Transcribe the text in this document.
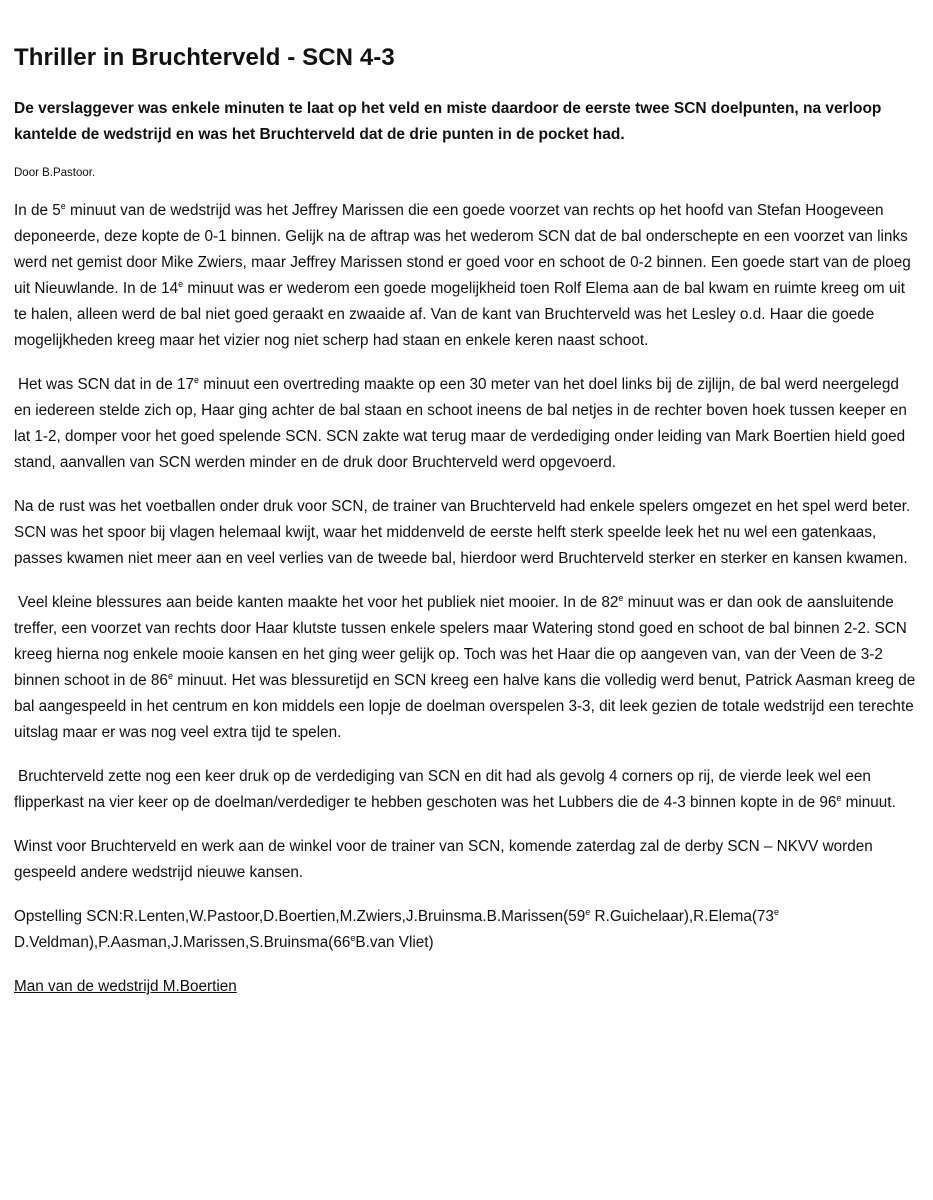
Thriller in Bruchterveld - SCN 4-3

De verslaggever was enkele minuten te laat op het veld en miste daardoor de eerste twee SCN doelpunten, na verloop kantelde de wedstrijd en was het Bruchterveld dat de drie punten in de pocket had.

Door B.Pastoor.

In de 5e minuut van de wedstrijd was het Jeffrey Marissen die een goede voorzet van rechts op het hoofd van Stefan Hoogeveen deponeerde, deze kopte de 0-1 binnen. Gelijk na de aftrap was het wederom SCN dat de bal onderschepte en een voorzet van links werd net gemist door Mike Zwiers, maar Jeffrey Marissen stond er goed voor en schoot de 0-2 binnen. Een goede start van de ploeg uit Nieuwlande. In de 14e minuut was er wederom een goede mogelijkheid toen Rolf Elema aan de bal kwam en ruimte kreeg om uit te halen, alleen werd de bal niet goed geraakt en zwaaide af. Van de kant van Bruchterveld was het Lesley o.d. Haar die goede mogelijkheden kreeg maar het vizier nog niet scherp had staan en enkele keren naast schoot.

Het was SCN dat in de 17e minuut een overtreding maakte op een 30 meter van het doel links bij de zijlijn, de bal werd neergelegd en iedereen stelde zich op, Haar ging achter de bal staan en schoot ineens de bal netjes in de rechter boven hoek tussen keeper en lat 1-2, domper voor het goed spelende SCN. SCN zakte wat terug maar de verdediging onder leiding van Mark Boertien hield goed stand, aanvallen van SCN werden minder en de druk door Bruchterveld werd opgevoerd.

Na de rust was het voetballen onder druk voor SCN, de trainer van Bruchterveld had enkele spelers omgezet en het spel werd beter. SCN was het spoor bij vlagen helemaal kwijt, waar het middenveld de eerste helft sterk speelde leek het nu wel een gatenkaas, passes kwamen niet meer aan en veel verlies van de tweede bal, hierdoor werd Bruchterveld sterker en sterker en kansen kwamen.

Veel kleine blessures aan beide kanten maakte het voor het publiek niet mooier. In de 82e minuut was er dan ook de aansluitende treffer, een voorzet van rechts door Haar klutste tussen enkele spelers maar Watering stond goed en schoot de bal binnen 2-2. SCN kreeg hierna nog enkele mooie kansen en het ging weer gelijk op. Toch was het Haar die op aangeven van, van der Veen de 3-2 binnen schoot in de 86e minuut. Het was blessuretijd en SCN kreeg een halve kans die volledig werd benut, Patrick Aasman kreeg de bal aangespeeld in het centrum en kon middels een lopje de doelman overspelen 3-3, dit leek gezien de totale wedstrijd een terechte uitslag maar er was nog veel extra tijd te spelen.

Bruchterveld zette nog een keer druk op de verdediging van SCN en dit had als gevolg 4 corners op rij, de vierde leek wel een flipperkast na vier keer op de doelman/verdediger te hebben geschoten was het Lubbers die de 4-3 binnen kopte in de 96e minuut.

Winst voor Bruchterveld en werk aan de winkel voor de trainer van SCN, komende zaterdag zal de derby SCN – NKVV worden gespeeld andere wedstrijd nieuwe kansen.

Opstelling SCN:R.Lenten,W.Pastoor,D.Boertien,M.Zwiers,J.Bruinsma.B.Marissen(59e R.Guichelaar),R.Elema(73e D.Veldman),P.Aasman,J.Marissen,S.Bruinsma(66eB.van Vliet)

Man van de wedstrijd M.Boertien
